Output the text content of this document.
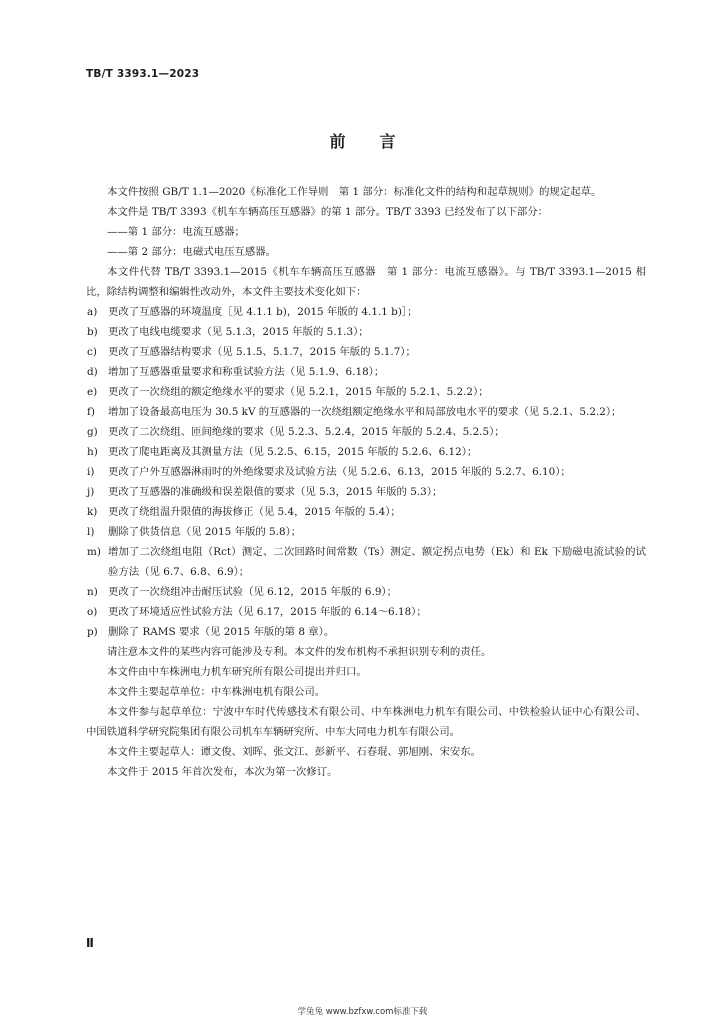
TB/T 3393.1—2023
前言

本文件按照 GB/T 1.1—2020《标准化工作导则　第 1 部分：标准化文件的结构和起草规则》的规定起草。

本文件是 TB/T 3393《机车车辆高压互感器》的第 1 部分。TB/T 3393 已经发布了以下部分：

——第 1 部分：电流互感器；

——第 2 部分：电磁式电压互感器。

本文件代替 TB/T 3393.1—2015《机车车辆高压互感器　第 1 部分：电流互感器》。与 TB/T 3393.1—2015 相比，除结构调整和编辑性改动外，本文件主要技术变化如下：

a)	更改了互感器的环境温度［见 4.1.1 b)，2015 年版的 4.1.1 b)］；
b) 更改了电线电缆要求（见 5.1.3，2015 年版的 5.1.3）；
c)	更改了互感器结构要求（见 5.1.5、5.1.7，2015 年版的 5.1.7）；
d) 增加了互感器重量要求和称重试验方法（见 5.1.9、6.18）；
e)	更改了一次绕组的额定绝缘水平的要求（见 5.2.1，2015 年版的 5.2.1、5.2.2）；
f)	增加了设备最高电压为 30.5 kV 的互感器的一次绕组额定绝缘水平和局部放电水平的要求（见 5.2.1、5.2.2）；
g) 更改了二次绕组、匝间绝缘的要求（见 5.2.3、5.2.4，2015 年版的 5.2.4、5.2.5）；
h) 更改了爬电距离及其测量方法（见 5.2.5、6.15，2015 年版的 5.2.6、6.12）；
i)	更改了户外互感器淋雨时的外绝缘要求及试验方法（见 5.2.6、6.13，2015 年版的 5.2.7、6.10）；
j)	更改了互感器的准确级和误差限值的要求（见 5.3，2015 年版的 5.3）；
k)	更改了绕组温升限值的海拔修正（见 5.4，2015 年版的 5.4）；
l)	删除了供货信息（见 2015 年版的 5.8）；
m) 增加了二次绕组电阻（Rct）测定、二次回路时间常数（Ts）测定、额定拐点电势（Ek）和 Ek 下励磁电流试验的试验方法（见 6.7、6.8、6.9）；
n) 更改了一次绕组冲击耐压试验（见 6.12，2015 年版的 6.9）；
o)	更改了环境适应性试验方法（见 6.17，2015 年版的 6.14～6.18）；
p) 删除了 RAMS 要求（见 2015 年版的第 8 章）。

请注意本文件的某些内容可能涉及专利。本文件的发布机构不承担识别专利的责任。

本文件由中车株洲电力机车研究所有限公司提出并归口。

本文件主要起草单位：中车株洲电机有限公司。

本文件参与起草单位：宁波中车时代传感技术有限公司、中车株洲电力机车有限公司、中铁检验认证中心有限公司、中国铁道科学研究院集团有限公司机车车辆研究所、中车大同电力机车有限公司。

本文件主要起草人：谭文俊、刘晖、张文江、彭新平、石春琨、郭旭刚、宋安东。

本文件于 2015 年首次发布，本次为第一次修订。

Ⅱ
学兔兔 www.bzfxw.com标准下载
